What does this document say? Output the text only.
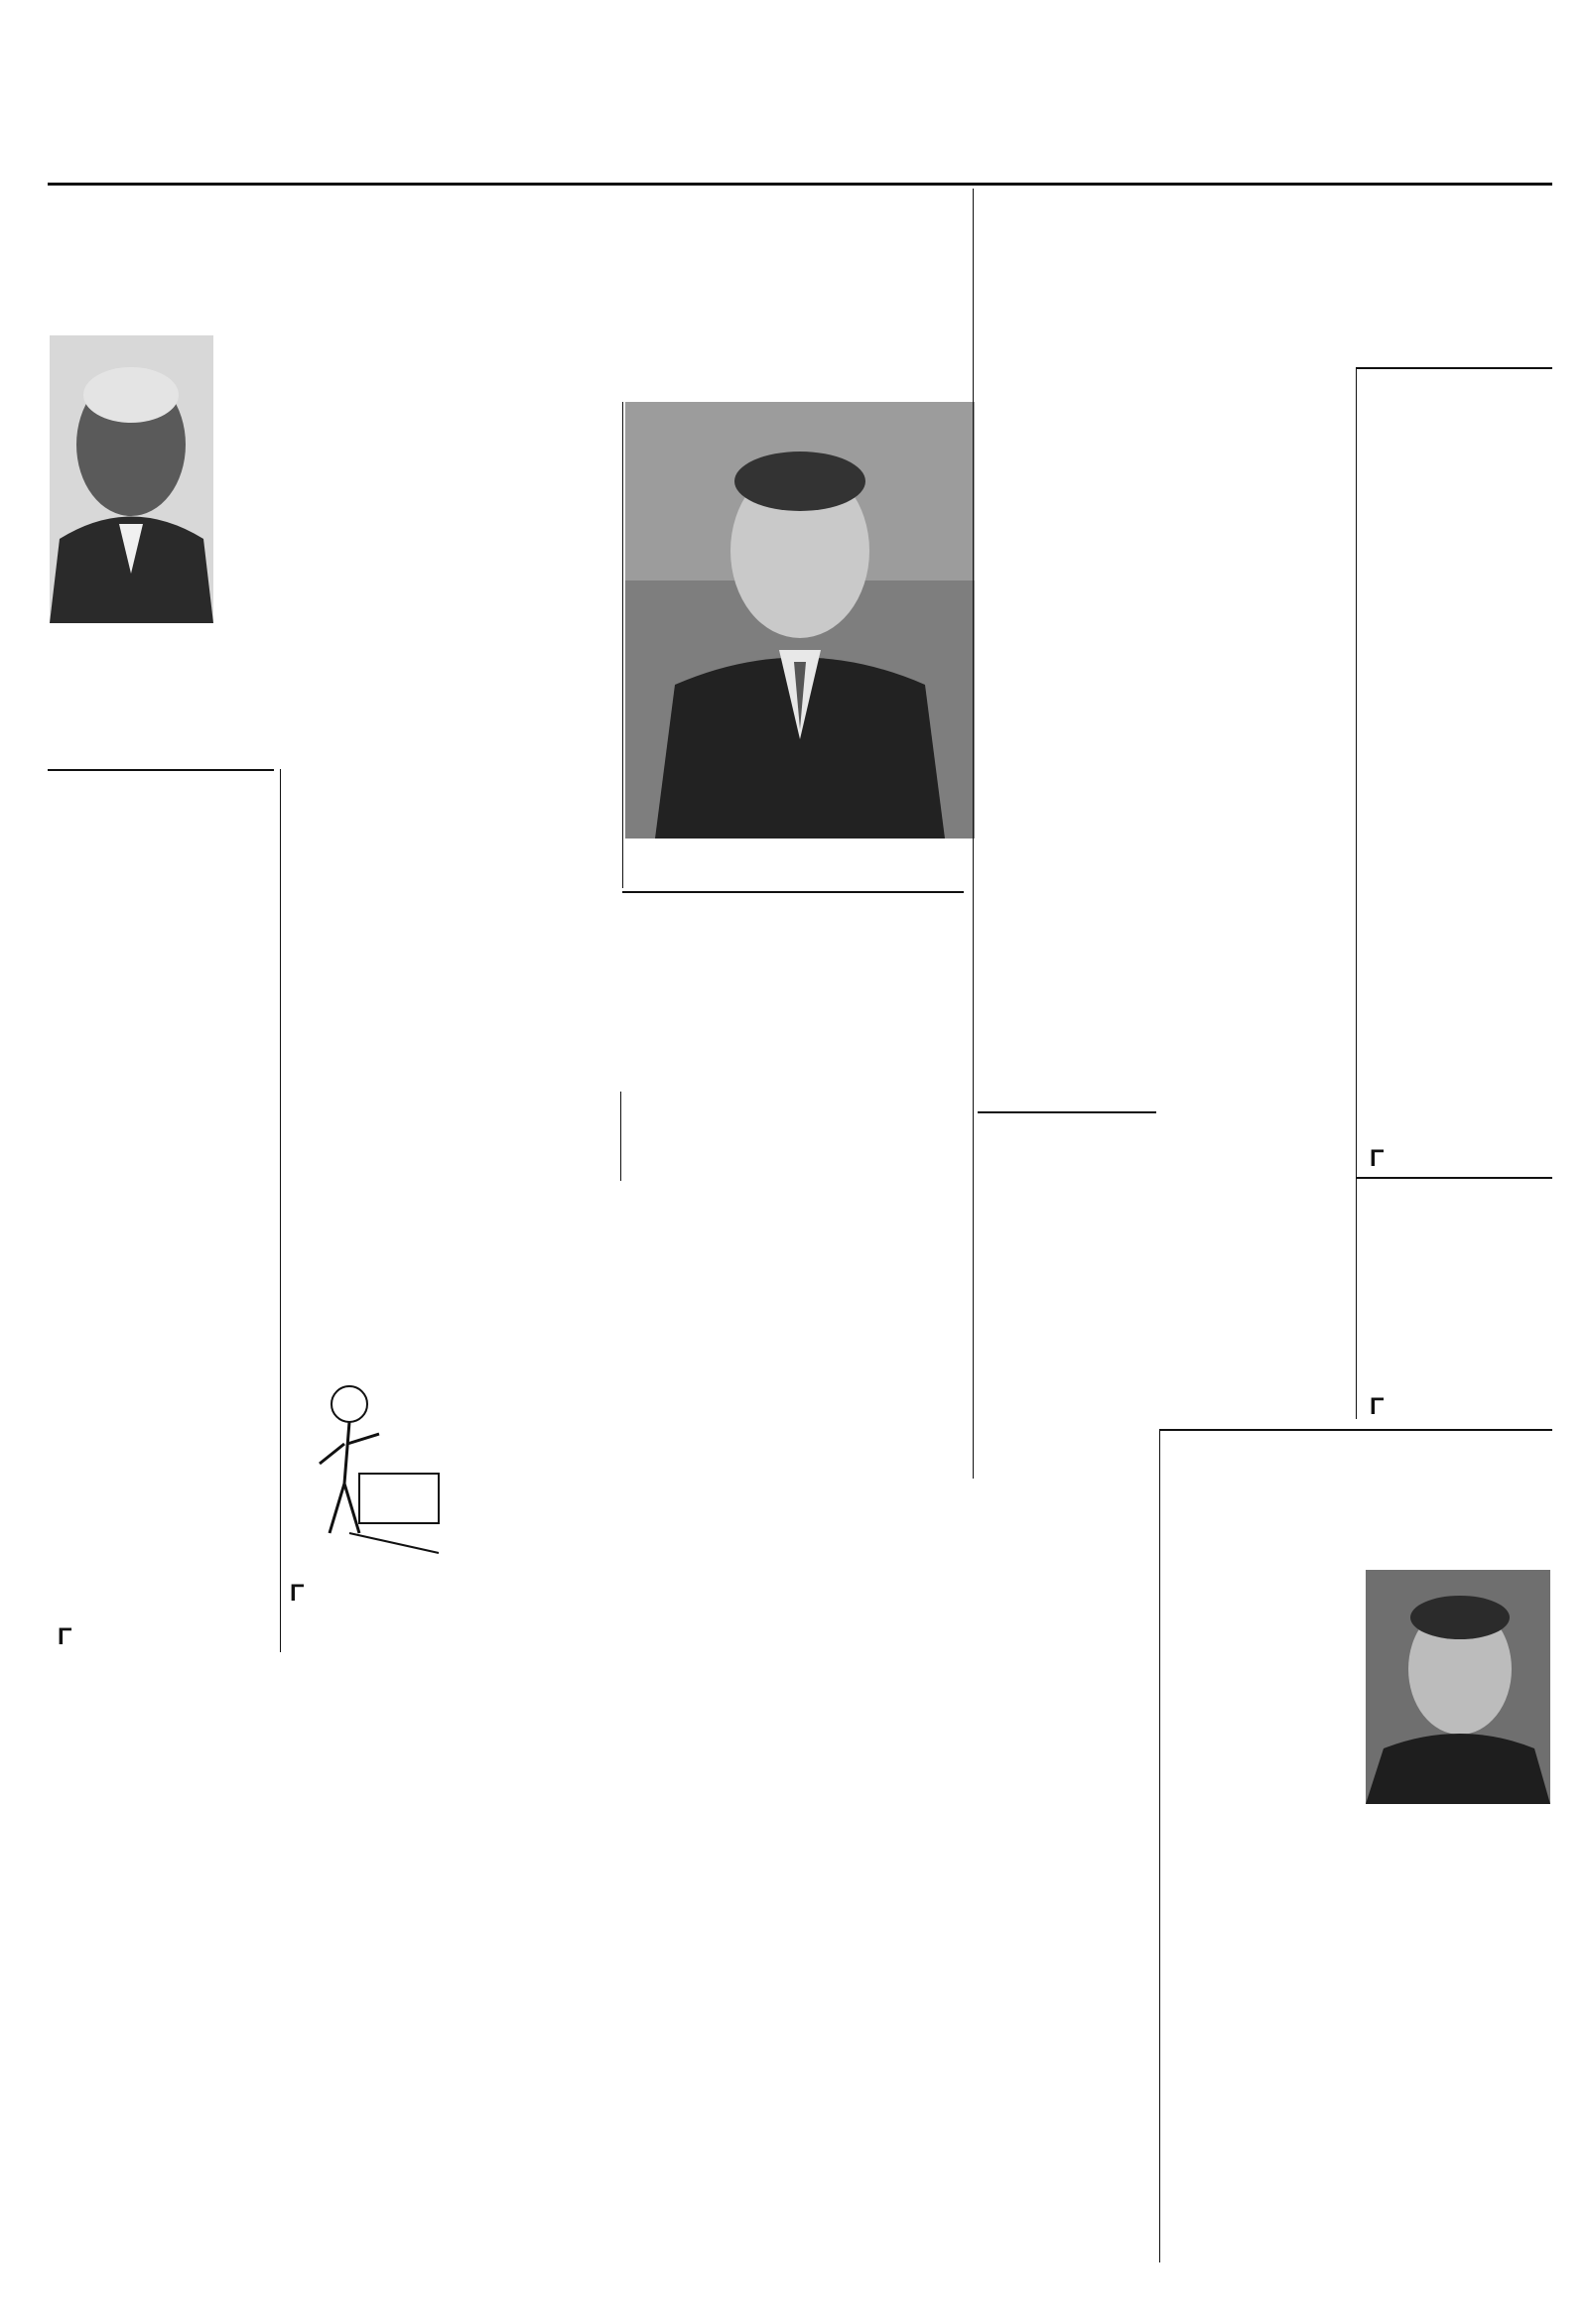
Γ

Γ

Γ
Γ
